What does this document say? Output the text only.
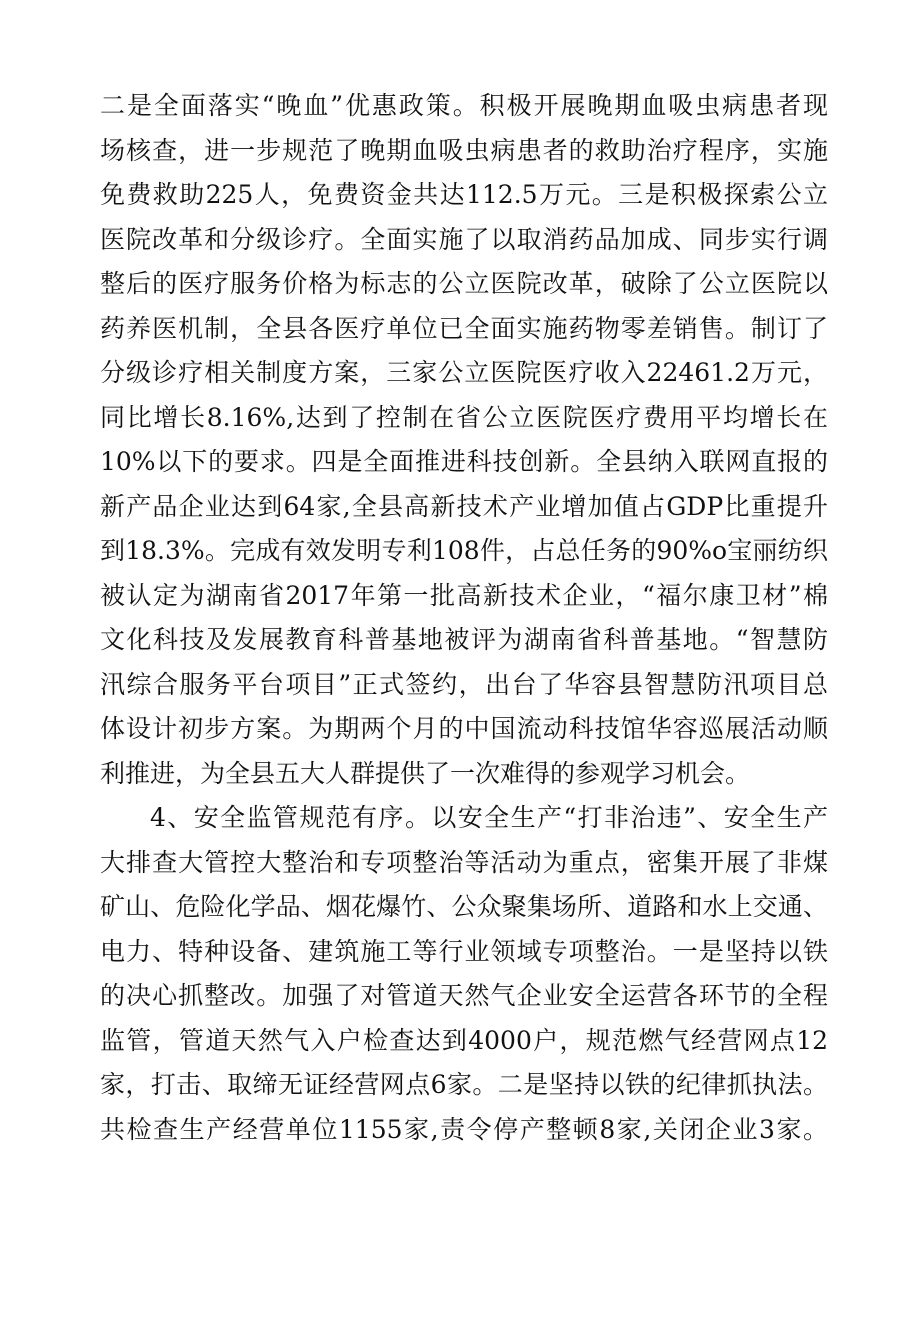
二是全面落实“晚血”优惠政策。积极开展晚期血吸虫病患者现
场核查，进一步规范了晚期血吸虫病患者的救助治疗程序，实施
免费救助225人，免费资金共达112.5万元。三是积极探索公立
医院改革和分级诊疗。全面实施了以取消药品加成、同步实行调
整后的医疗服务价格为标志的公立医院改革，破除了公立医院以
药养医机制，全县各医疗单位已全面实施药物零差销售。制订了
分级诊疗相关制度方案，三家公立医院医疗收入22461.2万元，
同比增长8.16%,达到了控制在省公立医院医疗费用平均增长在
10%以下的要求。四是全面推进科技创新。全县纳入联网直报的
新产品企业达到64家,全县高新技术产业增加值占GDP比重提升
到18.3%。完成有效发明专利108件，占总任务的90%o宝丽纺织
被认定为湖南省2017年第一批高新技术企业，“福尔康卫材”棉
文化科技及发展教育科普基地被评为湖南省科普基地。“智慧防
汛综合服务平台项目”正式签约，出台了华容县智慧防汛项目总
体设计初步方案。为期两个月的中国流动科技馆华容巡展活动顺
利推进，为全县五大人群提供了一次难得的参观学习机会。
4、安全监管规范有序。以安全生产“打非治违”、安全生产
大排查大管控大整治和专项整治等活动为重点，密集开展了非煤
矿山、危险化学品、烟花爆竹、公众聚集场所、道路和水上交通、
电力、特种设备、建筑施工等行业领域专项整治。一是坚持以铁
的决心抓整改。加强了对管道天然气企业安全运营各环节的全程
监管，管道天然气入户检查达到4000户，规范燃气经营网点12
家，打击、取缔无证经营网点6家。二是坚持以铁的纪律抓执法。
共检查生产经营单位1155家,责令停产整顿8家,关闭企业3家。
